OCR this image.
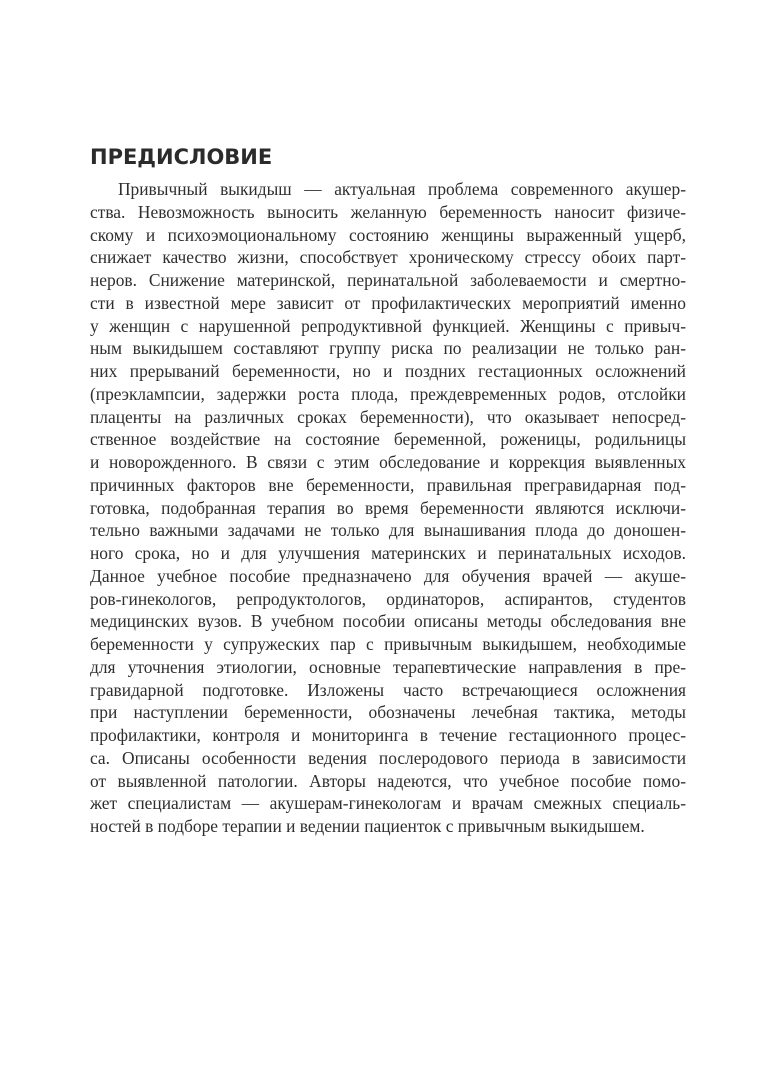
ПРЕДИСЛОВИЕ
Привычный выкидыш — актуальная проблема современного акушер-
ства. Невозможность выносить желанную беременность наносит физиче-
скому и психоэмоциональному состоянию женщины выраженный ущерб,
снижает качество жизни, способствует хроническому стрессу обоих парт-
неров. Снижение материнской, перинатальной заболеваемости и смертно-
сти в известной мере зависит от профилактических мероприятий именно
у женщин с нарушенной репродуктивной функцией. Женщины с привыч-
ным выкидышем составляют группу риска по реализации не только ран-
них прерываний беременности, но и поздних гестационных осложнений
(преэклампсии, задержки роста плода, преждевременных родов, отслойки
плаценты на различных сроках беременности), что оказывает непосред-
ственное воздействие на состояние беременной, роженицы, родильницы
и новорожденного. В связи с этим обследование и коррекция выявленных
причинных факторов вне беременности, правильная прегравидарная под-
готовка, подобранная терапия во время беременности являются исключи-
тельно важными задачами не только для вынашивания плода до доношен-
ного срока, но и для улучшения материнских и перинатальных исходов.
Данное учебное пособие предназначено для обучения врачей — акуше-
ров-гинекологов, репродуктологов, ординаторов, аспирантов, студентов
медицинских вузов. В учебном пособии описаны методы обследования вне
беременности у супружеских пар с привычным выкидышем, необходимые
для уточнения этиологии, основные терапевтические направления в пре-
гравидарной подготовке. Изложены часто встречающиеся осложнения
при наступлении беременности, обозначены лечебная тактика, методы
профилактики, контроля и мониторинга в течение гестационного процес-
са. Описаны особенности ведения послеродового периода в зависимости
от выявленной патологии. Авторы надеются, что учебное пособие помо-
жет специалистам — акушерам-гинекологам и врачам смежных специаль-
ностей в подборе терапии и ведении пациенток с привычным выкидышем.
